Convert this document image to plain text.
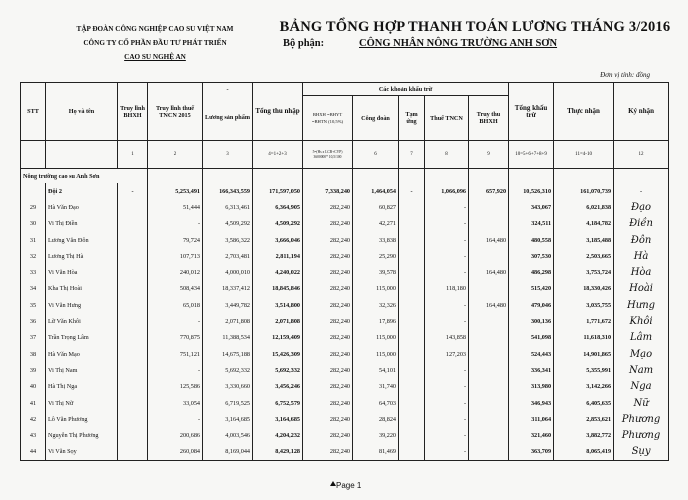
TẬP ĐOÀN CÔNG NGHIỆP CAO SU VIỆT NAM
CÔNG TY CỔ PHẦN ĐẦU TƯ PHÁT TRIỂN
CAO SU NGHỆ AN
BẢNG TỔNG HỢP THANH TOÁN LƯƠNG THÁNG 3/2016
Bộ phận:	CÔNG NHÂN NÔNG TRƯỜNG ANH SƠN
Đơn vị tính: đồng
STT	Họ và tên	Truy lĩnh BHXH	Truy lĩnh thuế TNCN 2015	-	Tổng thu nhập	Các khoản khấu trừ					Tổng khấu trừ	Thực nhận	Ký nhận
				Lương sản phẩm		BHXH =BHYT =BHTN (10,5%)	Công đoàn	Tạm ứng	Thuế TNCN	Truy thu BHXH			
		1	2	3	4=1+2+3	5=(Hs x LCB+CVP) 3600000* 10,5/100	6	7	8	9	10=5+6+7+8+9	11=4-10	12
Nông trường cao su Anh Sơn													
	Đội 2	-	5,253,491	166,343,559	171,597,050	7,338,240	1,464,054	-	1,066,096	657,920	10,526,310	161,070,739	-
29	Hà Văn Đạo		51,444	6,313,461	6,364,905	282,240	60,827		-		343,067	6,021,838	Đạo
30	Vi Thị Điền		-	4,509,292	4,509,292	282,240	42,271		-		324,511	4,184,782	Điền
31	Lương Văn Đôn		79,724	3,586,322	3,666,046	282,240	33,838		-	164,480	480,558	3,185,488	Đôn
32	Lương Thị Hà		107,713	2,703,481	2,811,194	282,240	25,290		-		307,530	2,503,665	Hà
33	Vi Văn Hòa		240,012	4,000,010	4,240,022	282,240	39,578		-	164,480	486,298	3,753,724	Hòa
34	Kha Thị Hoài		508,434	18,337,412	18,845,846	282,240	115,000		118,180		515,420	18,330,426	Hoài
35	Vi Văn Hưng		65,018	3,449,782	3,514,800	282,240	32,326		-	164,480	479,046	3,035,755	Hưng
36	Lữ Văn Khôi		-	2,071,808	2,071,808	282,240	17,896		-		300,136	1,771,672	Khôi
37	Trần Trọng Lâm		770,875	11,388,534	12,159,409	282,240	115,000		143,858		541,098	11,618,310	Lâm
38	Hà Văn Mạo		751,121	14,675,188	15,426,309	282,240	115,000		127,203		524,443	14,901,865	Mạo
39	Vi Thị Nam		-	5,692,332	5,692,332	282,240	54,101		-		336,341	5,355,991	Nam
40	Hà Thị Nga		125,586	3,330,660	3,456,246	282,240	31,740		-		313,980	3,142,266	Nga
41	Vi Thị Nữ		33,054	6,719,525	6,752,579	282,240	64,703		-		346,943	6,405,635	Nữ
42	Lô Văn Phương		-	3,164,685	3,164,685	282,240	28,824		-		311,064	2,853,621	Phương
43	Nguyễn Thị Phương		200,686	4,003,546	4,204,232	282,240	39,220		-		321,460	3,882,772	Phương
44	Vi Văn Sọy		260,084	8,169,044	8,429,128	282,240	81,469		-		363,709	8,065,419	Sụy
Page 1
